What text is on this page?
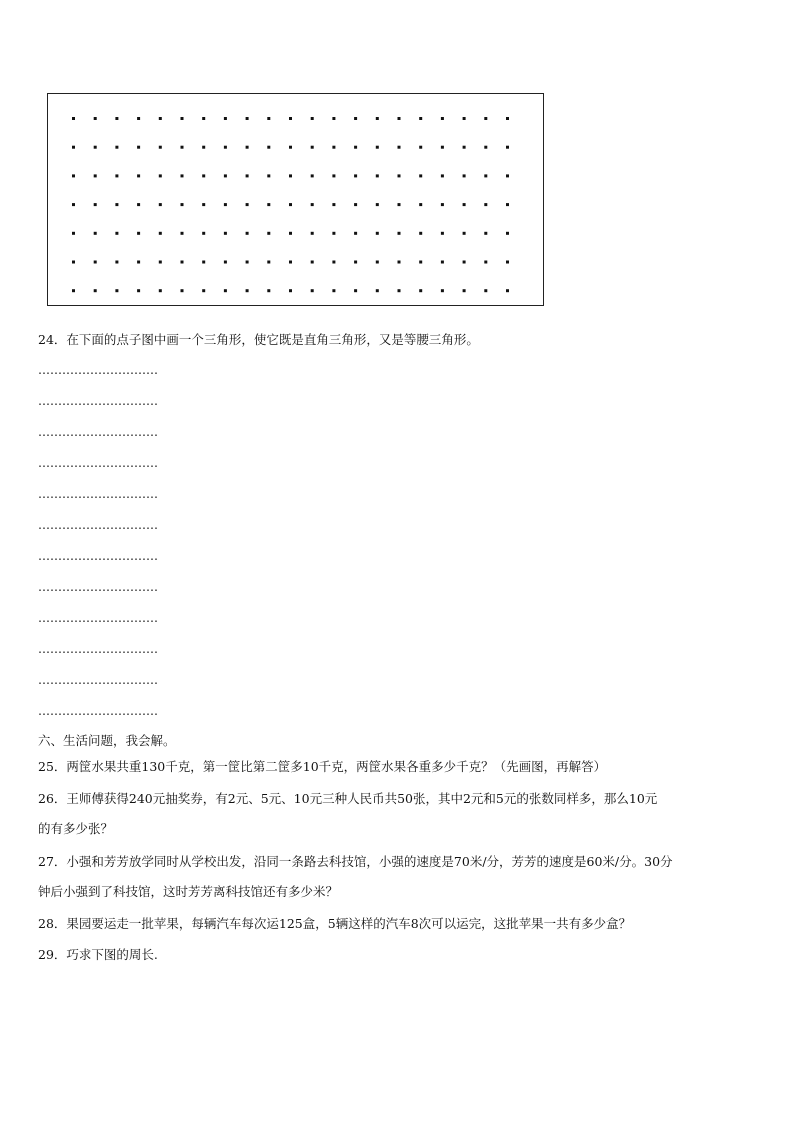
24．在下面的点子图中画一个三角形，使它既是直角三角形，又是等腰三角形。
…………………………
…………………………
…………………………
…………………………
…………………………
…………………………
…………………………
…………………………
…………………………
…………………………
…………………………
…………………………
六、生活问题，我会解。
25．两筐水果共重130千克，第一筐比第二筐多10千克，两筐水果各重多少千克？（先画图，再解答）
26．王师傅获得240元抽奖券，有2元、5元、10元三种人民币共50张，其中2元和5元的张数同样多，那么10元
的有多少张？
27．小强和芳芳放学同时从学校出发，沿同一条路去科技馆，小强的速度是70米/分，芳芳的速度是60米/分。30分
钟后小强到了科技馆，这时芳芳离科技馆还有多少米？
28．果园要运走一批苹果，每辆汽车每次运125盒，5辆这样的汽车8次可以运完，这批苹果一共有多少盒？
29．巧求下图的周长.
